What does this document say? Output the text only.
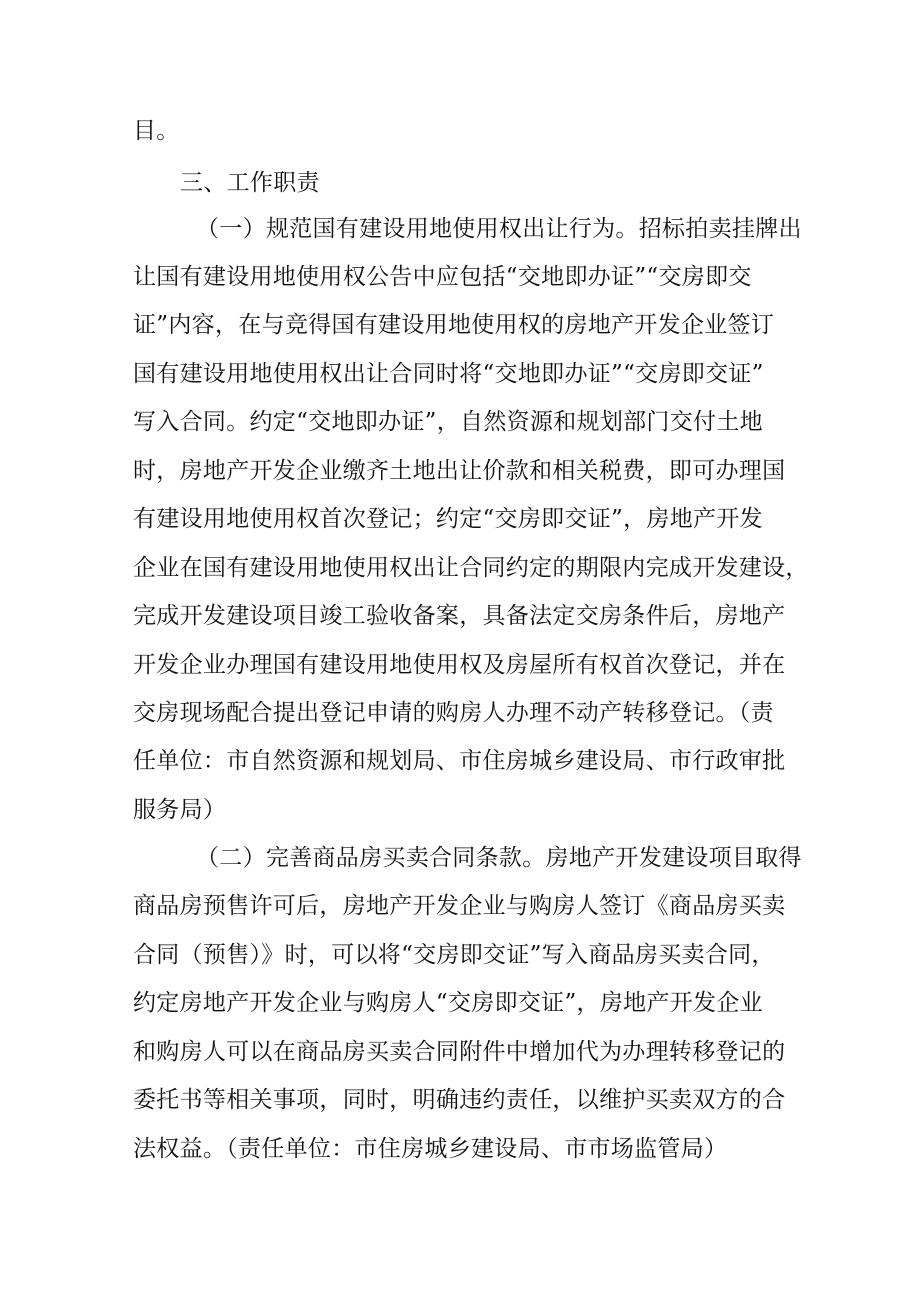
目。
三、工作职责
（一）规范国有建设用地使用权出让行为。招标拍卖挂牌出
让国有建设用地使用权公告中应包括“交地即办证”“交房即交
证”内容，在与竞得国有建设用地使用权的房地产开发企业签订
国有建设用地使用权出让合同时将“交地即办证”“交房即交证”
写入合同。约定“交地即办证”，自然资源和规划部门交付土地
时，房地产开发企业缴齐土地出让价款和相关税费，即可办理国
有建设用地使用权首次登记；约定“交房即交证”，房地产开发
企业在国有建设用地使用权出让合同约定的期限内完成开发建设，
完成开发建设项目竣工验收备案，具备法定交房条件后，房地产
开发企业办理国有建设用地使用权及房屋所有权首次登记，并在
交房现场配合提出登记申请的购房人办理不动产转移登记。（责
任单位：市自然资源和规划局、市住房城乡建设局、市行政审批
服务局）
（二）完善商品房买卖合同条款。房地产开发建设项目取得
商品房预售许可后，房地产开发企业与购房人签订《商品房买卖
合同（预售）》时，可以将“交房即交证”写入商品房买卖合同，
约定房地产开发企业与购房人“交房即交证”，房地产开发企业
和购房人可以在商品房买卖合同附件中增加代为办理转移登记的
委托书等相关事项，同时，明确违约责任，以维护买卖双方的合
法权益。（责任单位：市住房城乡建设局、市市场监管局）
